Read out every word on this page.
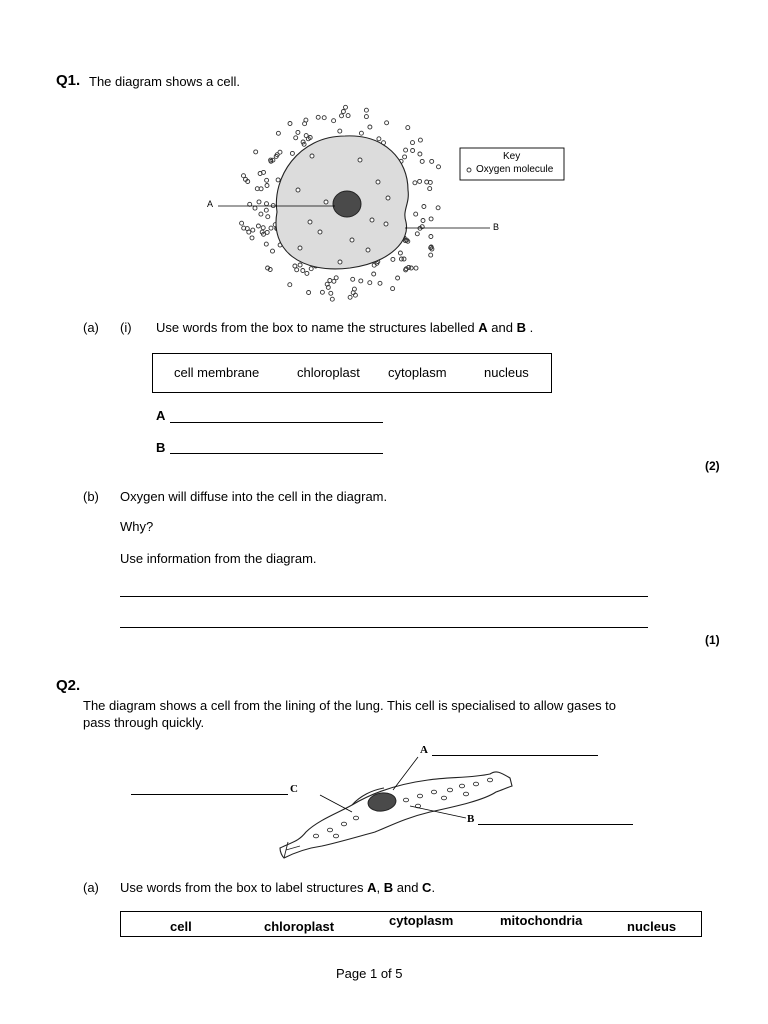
Q1. The diagram shows a cell.
A
B
Key
Oxygen molecule
(a) (i) Use words from the box to name the structures labelled A and B .
cell membrane	chloroplast cytoplasm	nucleus
A
B
(2)
(b) Oxygen will diffuse into the cell in the diagram.
Why?
Use information from the diagram.
(1)
Q2.
The diagram shows a cell from the lining of the lung. This cell is specialised to allow gases to
pass through quickly.
A
B
C
(a) Use words from the box to label structures A, B and C.
cell	chloroplast	cytoplasm	mitochondria	nucleus
Page 1 of 5
